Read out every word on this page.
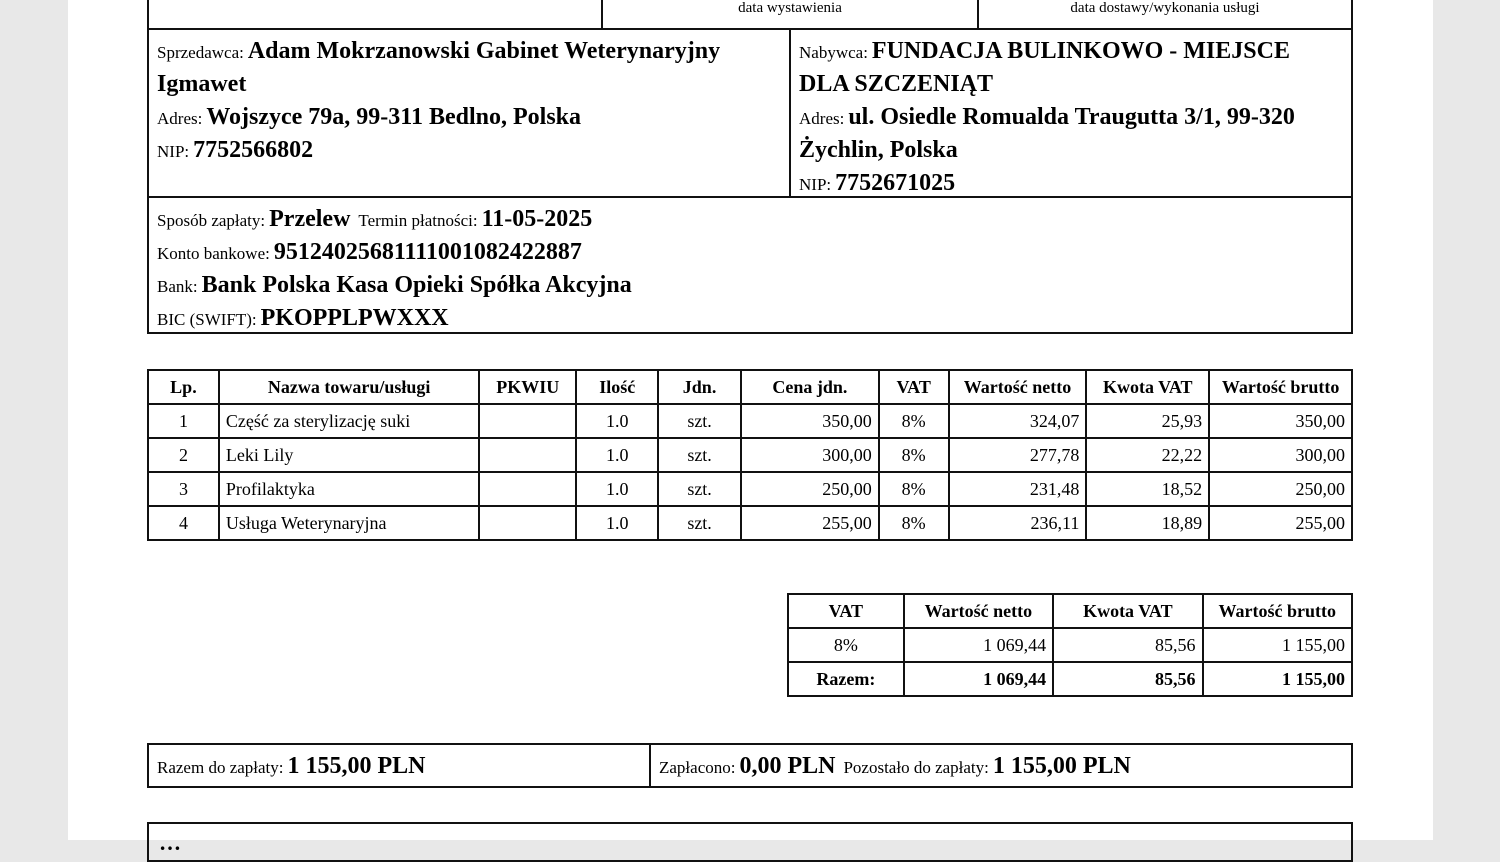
data wystawienia	data dostawy/wykonania usługi
Sprzedawca: Adam Mokrzanowski Gabinet Weterynaryjny Igmawet
Adres: Wojszyce 79a, 99-311 Bedlno, Polska
NIP: 7752566802
Nabywca: FUNDACJA BULINKOWO - MIEJSCE DLA SZCZENIĄT
Adres: ul. Osiedle Romualda Traugutta 3/1, 99-320 Żychlin, Polska
NIP: 7752671025
Sposób zapłaty: Przelew Termin płatności: 11-05-2025
Konto bankowe: 95124025681111001082422887
Bank: Bank Polska Kasa Opieki Spółka Akcyjna
BIC (SWIFT): PKOPPLPWXXX
Lp.	Nazwa towaru/usługi	PKWIU	Ilość	Jdn.	Cena jdn.	VAT	Wartość netto	Kwota VAT	Wartość brutto
1	Część za sterylizację suki		1.0	szt.	350,00	8%	324,07	25,93	350,00
2	Leki Lily		1.0	szt.	300,00	8%	277,78	22,22	300,00
3	Profilaktyka		1.0	szt.	250,00	8%	231,48	18,52	250,00
4	Usługa Weterynaryjna		1.0	szt.	255,00	8%	236,11	18,89	255,00
VAT	Wartość netto	Kwota VAT	Wartość brutto
8%	1 069,44	85,56	1 155,00
Razem:	1 069,44	85,56	1 155,00
Razem do zapłaty: 1 155,00 PLN	Zapłacono: 0,00 PLN Pozostało do zapłaty: 1 155,00 PLN
…
